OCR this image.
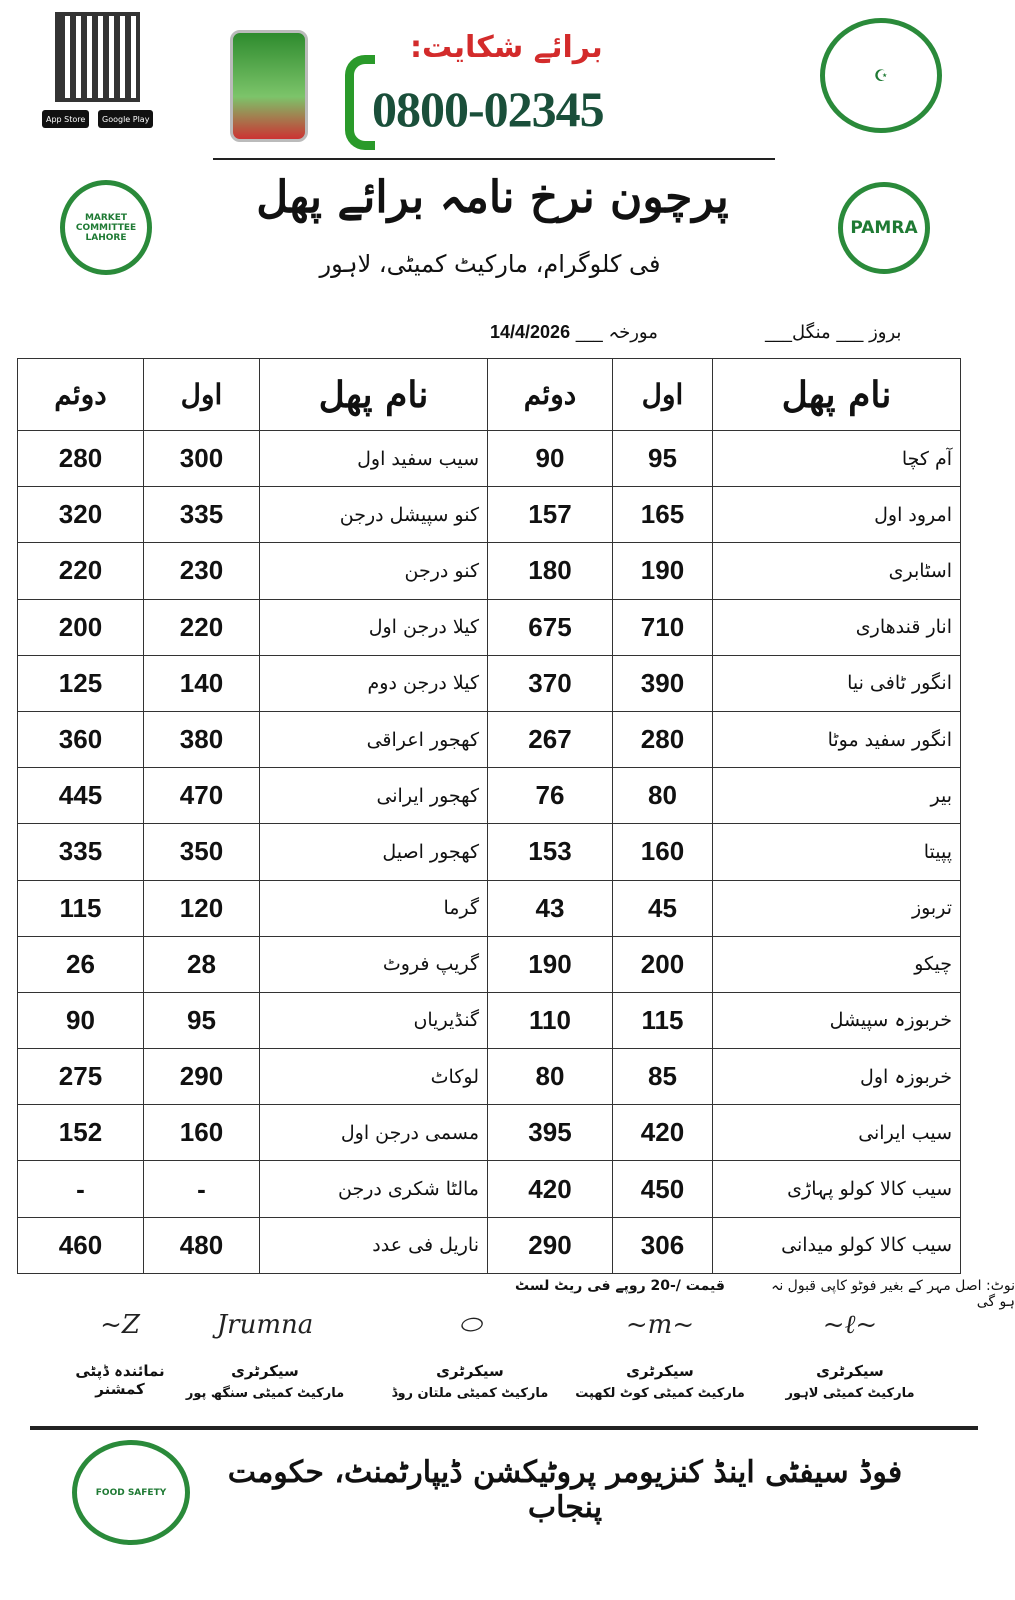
App Store Google Play
برائے شکایت:
0800-02345
☪
MARKET COMMITTEE LAHORE	PAMRA
پرچون نرخ نامہ برائے پھل
فی کلوگرام، مارکیٹ کمیٹی، لاہور
بروز ___ منگل___
مورخہ ___ 14/4/2026
نام پھل	اول	دوئم	نام پھل	اول	دوئم
آم کچا	95	90	سیب سفید اول	300	280
امرود اول	165	157	کنو سپیشل درجن	335	320
اسٹابری	190	180	کنو درجن	230	220
انار قندھاری	710	675	کیلا درجن اول	220	200
انگور ٹافی نیا	390	370	کیلا درجن دوم	140	125
انگور سفید موٹا	280	267	کھجور اعراقی	380	360
بیر	80	76	کھجور ایرانی	470	445
پپیتا	160	153	کھجور اصیل	350	335
تربوز	45	43	گرما	120	115
چیکو	200	190	گریپ فروٹ	28	26
خربوزہ سپیشل	115	110	گنڈیریاں	95	90
خربوزہ اول	85	80	لوکاٹ	290	275
سیب ایرانی	420	395	مسمی درجن اول	160	152
سیب کالا کولو پہاڑی	450	420	مالٹا شکری درجن	-	-
سیب کالا کولو میدانی	306	290	ناریل فی عدد	480	460
نوٹ: اصل مہر کے بغیر فوٹو کاپی قبول نہ ہو گی
قیمت /-20 روپے فی ریٹ لسٹ
~ℓ~
سیکرٹری
مارکیٹ کمیٹی لاہور
~m~
سیکرٹری
مارکیٹ کمیٹی کوٹ لکھپت
⬭
سیکرٹری
مارکیٹ کمیٹی ملتان روڈ
Jrumna
سیکرٹری
مارکیٹ کمیٹی سنگھ پور
Z~
نمائندہ ڈپٹی کمشنر
FOOD SAFETY
فوڈ سیفٹی اینڈ کنزیومر پروٹیکشن ڈیپارٹمنٹ، حکومت پنجاب
